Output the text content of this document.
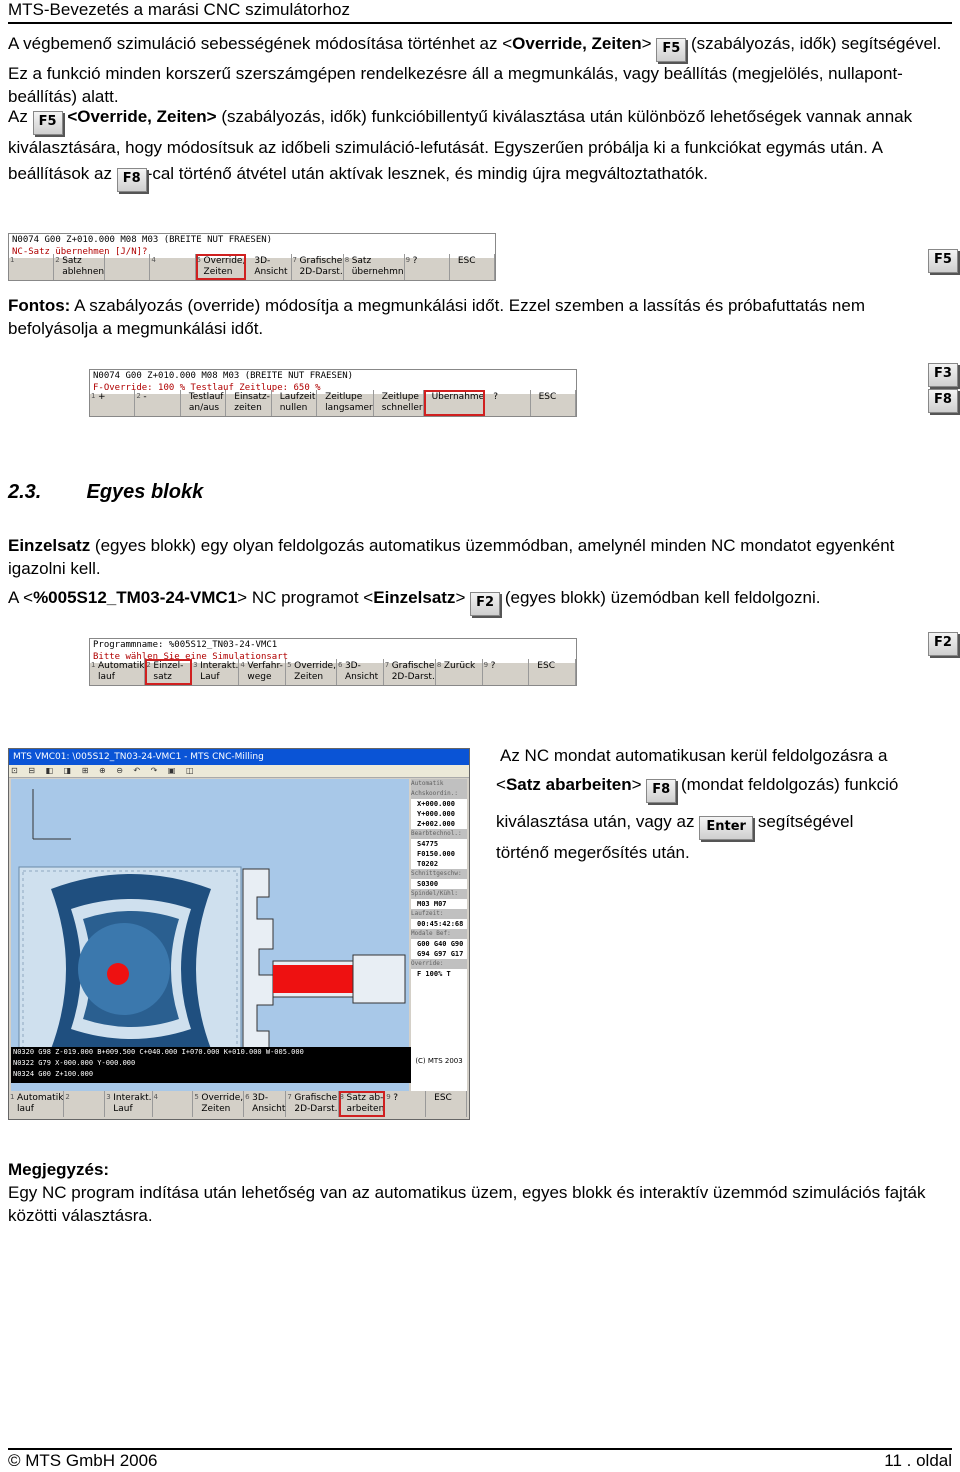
MTS-Bevezetés a marási CNC szimulátorhoz

A végbemenő szimuláció sebességének módosítása történhet az <Override, Zeiten> F5 (szabályozás, idők) segítségével. Ez a funkció minden korszerű szerszámgépen rendelkezésre áll a megmunkálás, vagy beállítás (megjelölés, nullapont-beállítás) alatt.

Az F5 <Override, Zeiten> (szabályozás, idők) funkcióbillentyű kiválasztása után különböző lehetőségek vannak annak kiválasztására, hogy módosítsuk az időbeli szimuláció-lefutását. Egyszerűen próbálja ki a funkciókat egymás után. A beállítások az F8 -cal történő átvétel után aktívak lesznek, és mindig újra megváltoztathatók.

N0074 G00 Z+010.000 M08 M03 (BREITE NUT FRAESEN)
NC-Satz übernehmen [J/N]?
1	2 Satz
ablehnen
4	5 Override,
Zeiten
3D-
Ansicht
7 Grafische
2D-Darst.
8 Satz
übernehmn
9 ?	ESC	F5

Fontos: A szabályozás (override) módosítja a megmunkálási időt. Ezzel szemben a lassítás és próbafuttatás nem befolyásolja a megmunkálási időt.

N0074 G00 Z+010.000 M08 M03 (BREITE NUT FRAESEN)
F-Override: 100 % Testlauf Zeitlupe: 650 %
1 +	2 -	Testlauf
an/aus
Einsatz-
zeiten
Laufzeit
nullen
Zeitlupe
langsamer
Zeitlupe
schneller
Übernahme ?	ESC
F3
F8
2.3. Egyes blokk

Einzelsatz (egyes blokk) egy olyan feldolgozás automatikus üzemmódban, amelynél minden NC mondatot egyenként igazolni kell.

A <%005S12_TM03-24-VMC1> NC programot <Einzelsatz> F2 (egyes blokk) üzemódban kell feldolgozni.

Programmname: %005S12_TN03-24-VMC1
Bitte wählen Sie eine Simulationsart
1 Automatik
lauf
2 Einzel-
satz
3 Interakt.
Lauf
4 Verfahr-
wege
5 Override,
Zeiten
6 3D-
Ansicht
7 Grafische
2D-Darst.
8 Zurück	9 ?	ESC
F2
MTS VMC01: \005S12_TN03-24-VMC1 - MTS CNC-Milling
⊡ ⊟ ◧ ◨ ⊞ ⊕ ⊖ ↶ ↷ ▣ ◫
Automatik
Achskoordin.:
X+000.000
Y+000.000
Z+002.000
Bearbtechnol.:
S4775
F0150.000
T0202
Schnittgeschw:
S0300
Spindel/Kühl:
M03 M07
Laufzeit:
00:45:42:68
Modale Bef:
G00 G40 G90
G94 G97 G17
Override:
F 100% T
N0320 G98 Z-019.000 B+009.500 C+040.000 I+070.000 K+010.000 W-005.000
N0322 G79 X-000.000 Y-000.000
N0324 G00 Z+100.000
(C) MTS 2003
1 Automatik
lauf
2	3 Interakt.
Lauf
4	5 Override,
Zeiten
6 3D-
Ansicht
7 Grafische
2D-Darst.
8 Satz ab-
arbeiten
9 ?	ESC
Az NC mondat automatikusan kerül feldolgozásra a
<Satz abarbeiten> F8 (mondat feldolgozás) funkció
kiválasztása után, vagy az Enter segítségével
történő megerősítés után.

Megjegyzés:
Egy NC program indítása után lehetőség van az automatikus üzem, egyes blokk és interaktív üzemmód szimulációs fajták közötti választásra.

© MTS GmbH 2006	11 . oldal
